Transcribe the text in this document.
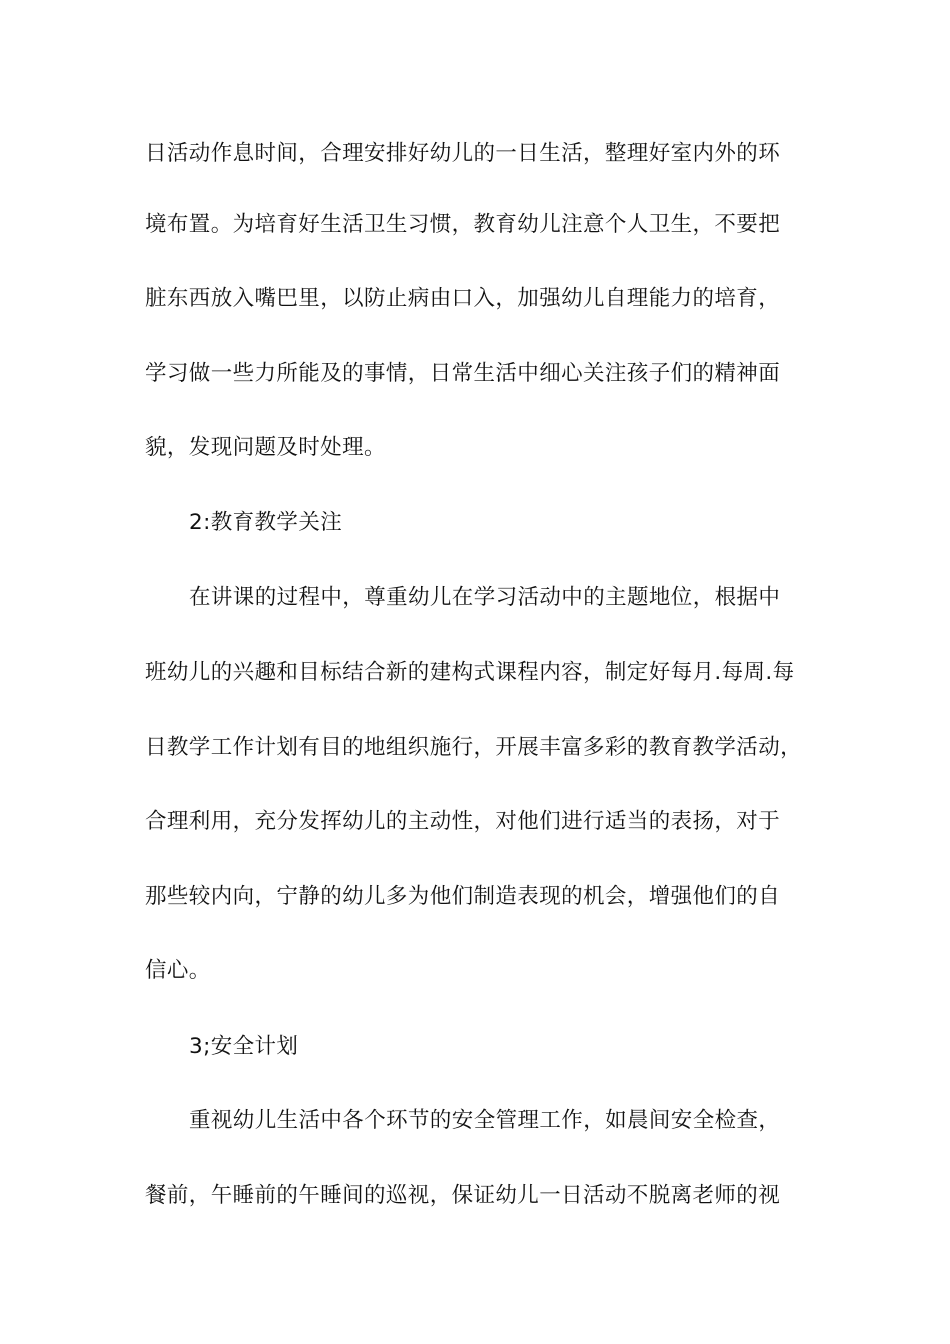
日活动作息时间，合理安排好幼儿的一日生活，整理好室内外的环
境布置。为培育好生活卫生习惯，教育幼儿注意个人卫生，不要把
脏东西放入嘴巴里，以防止病由口入，加强幼儿自理能力的培育，
学习做一些力所能及的事情，日常生活中细心关注孩子们的精神面
貌，发现问题及时处理。
2:教育教学关注
在讲课的过程中，尊重幼儿在学习活动中的主题地位，根据中
班幼儿的兴趣和目标结合新的建构式课程内容，制定好每月.每周.每
日教学工作计划有目的地组织施行，开展丰富多彩的教育教学活动，
合理利用，充分发挥幼儿的主动性，对他们进行适当的表扬，对于
那些较内向，宁静的幼儿多为他们制造表现的机会，增强他们的自
信心。
3;安全计划
重视幼儿生活中各个环节的安全管理工作，如晨间安全检查，
餐前，午睡前的午睡间的巡视，保证幼儿一日活动不脱离老师的视
